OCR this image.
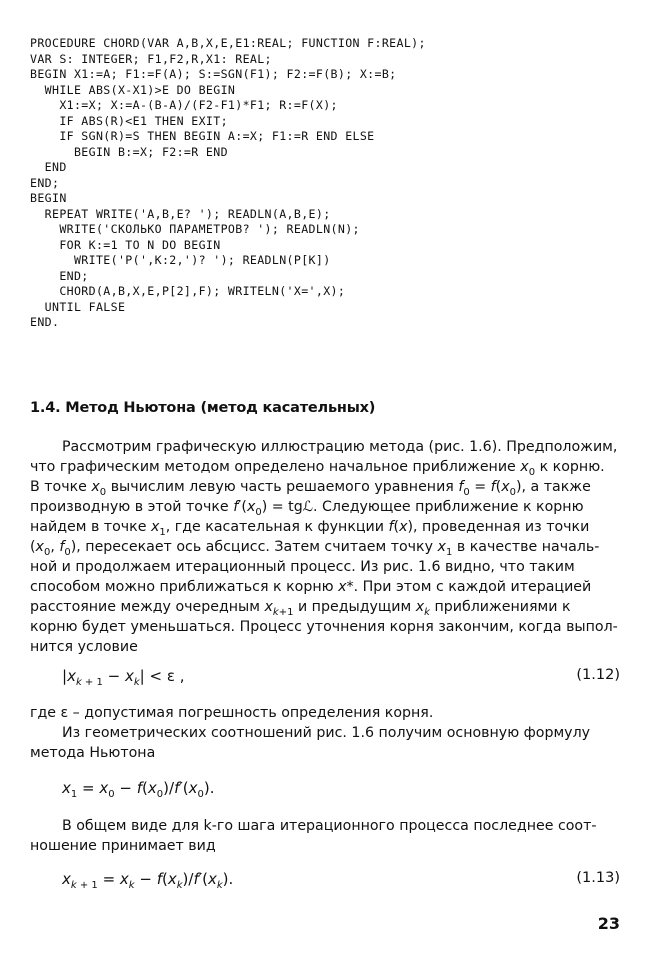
PROCEDURE CHORD(VAR A,B,X,E,E1:REAL; FUNCTION F:REAL);
VAR S: INTEGER; F1,F2,R,X1: REAL;
BEGIN X1:=A; F1:=F(A); S:=SGN(F1); F2:=F(B); X:=B;
WHILE ABS(X-X1)>E DO BEGIN
X1:=X; X:=A-(B-A)/(F2-F1)*F1; R:=F(X);
IF ABS(R)<E1 THEN EXIT;
IF SGN(R)=S THEN BEGIN A:=X; F1:=R END ELSE
BEGIN B:=X; F2:=R END
END
END;
BEGIN
REPEAT WRITE('A,B,E? '); READLN(A,B,E);
WRITE('СКОЛЬКО ПАРАМЕТРОВ? '); READLN(N);
FOR K:=1 TO N DO BEGIN
WRITE('P(',K:2,')? '); READLN(P[K])
END;
CHORD(A,B,X,E,P[2],F); WRITELN('X=',X);
UNTIL FALSE
END.
1.4. Метод Ньютона (метод касательных)
Рассмотрим графическую иллюстрацию метода (рис. 1.6). Предположим,
что графическим методом определено начальное приближение $x_0$ к корню.
В точке $x_0$ вычислим левую часть решаемого уравнения $f_0 = f(x_0)$, а также
производную в этой точке $f'(x_0)$ = tgℒ. Следующее приближение к корню
найдем в точке $x_1$, где касательная к функции f(x), проведенная из точки
($x_0$, $f_0$), пересекает ось абсцисс. Затем считаем точку $x_1$ в качестве началь-
ной и продолжаем итерационный процесс. Из рис. 1.6 видно, что таким
способом можно приближаться к корню x*. При этом с каждой итерацией
расстояние между очередным $x_{k+1}$ и предыдущим $x_k$ приближениями к
корню будет уменьшаться. Процесс уточнения корня закончим, когда выпол-
нится условие
$|x_{k + 1} - x_k| < \varepsilon$ ,	(1.12)
где ε – допустимая погрешность определения корня.
Из геометрических соотношений рис. 1.6 получим основную формулу
метода Ньютона
$x_1 = x_0 - f(x_0)/f'(x_0)$.
В общем виде для k-го шага итерационного процесса последнее соот-
ношение принимает вид
$x_{k + 1} = x_k - f(x_k)/f'(x_k)$.	(1.13)
23
